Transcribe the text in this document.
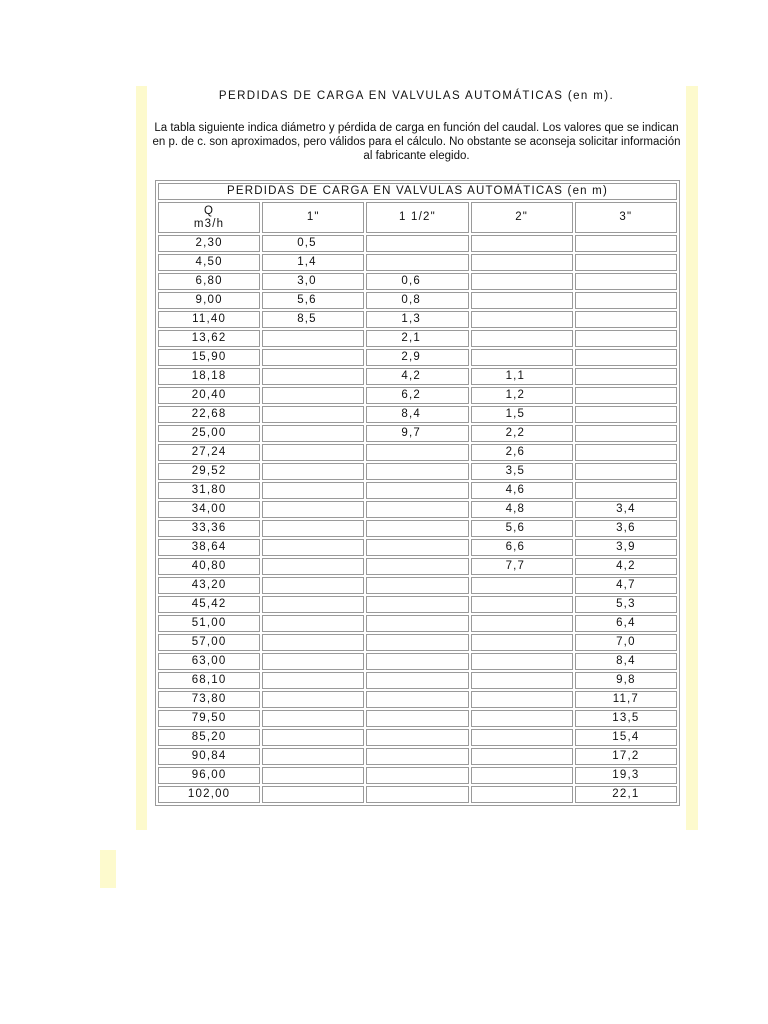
PERDIDAS DE CARGA EN VALVULAS AUTOMÁTICAS (en m).
La tabla siguiente indica diámetro y pérdida de carga en función del caudal. Los valores que se indican en p. de c. son aproximados, pero válidos para el cálculo. No obstante se aconseja solicitar información al fabricante elegido.
PERDIDAS DE CARGA EN VALVULAS AUTOMÁTICAS (en m)				

Q
m3/h	1"	1 1/2"	2"	3"
2,30	0,5			
4,50	1,4			
6,80	3,0	0,6		
9,00	5,6	0,8		
11,40	8,5	1,3		
13,62		2,1		
15,90		2,9		
18,18		4,2	1,1	
20,40		6,2	1,2	
22,68		8,4	1,5	
25,00		9,7	2,2	
27,24			2,6	
29,52			3,5	
31,80			4,6	
34,00			4,8	3,4
33,36			5,6	3,6
38,64			6,6	3,9
40,80			7,7	4,2
43,20				4,7
45,42				5,3
51,00				6,4
57,00				7,0
63,00				8,4
68,10				9,8
73,80				11,7
79,50				13,5
85,20				15,4
90,84				17,2
96,00				19,3
102,00				22,1
